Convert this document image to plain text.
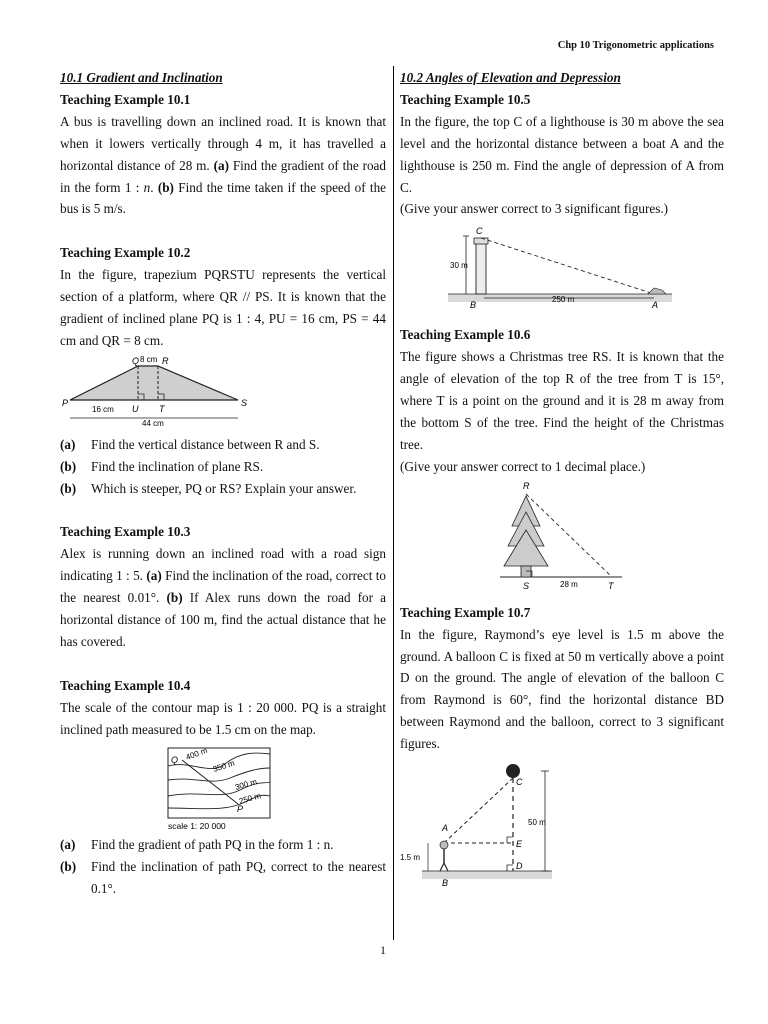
Chp 10 Trigonometric applications
10.1 Gradient and Inclination
Teaching Example 10.1
A bus is travelling down an inclined road. It is known that when it lowers vertically through 4 m, it has travelled a horizontal distance of 28 m. (a) Find the gradient of the road in the form 1 : n. (b) Find the time taken if the speed of the bus is 5 m/s.
Teaching Example 10.2
In the figure, trapezium PQRSTU represents the vertical section of a platform, where QR // PS. It is known that the gradient of inclined plane PQ is 1 : 4, PU = 16 cm, PS = 44 cm and QR = 8 cm.
Q	R
8 cm
P	S
U T
16 cm
44 cm
(a)	Find the vertical distance between R and S.
(b)	Find the inclination of plane RS.
(b)	Which is steeper, PQ or RS? Explain your answer.
Teaching Example 10.3
Alex is running down an inclined road with a road sign indicating 1 : 5. (a) Find the inclination of the road, correct to the nearest 0.01°. (b) If Alex runs down the road for a horizontal distance of 100 m, find the actual distance that he has covered.
Teaching Example 10.4
The scale of the contour map is 1 : 20 000. PQ is a straight inclined path measured to be 1.5 cm on the map.
Q
P
400 m
350 m
300 m
250 m
scale 1: 20 000
(a)	Find the gradient of path PQ in the form 1 : n.
(b)	Find the inclination of path PQ, correct to the nearest 0.1°.
10.2 Angles of Elevation and Depression
Teaching Example 10.5
In the figure, the top C of a lighthouse is 30 m above the sea level and the horizontal distance between a boat A and the lighthouse is 250 m. Find the angle of depression of A from C.
(Give your answer correct to 3 significant figures.)
C
30 m
B	A
250 m
Teaching Example 10.6
The figure shows a Christmas tree RS. It is known that the angle of elevation of the top R of the tree from T is 15°, where T is a point on the ground and it is 28 m away from the bottom S of the tree. Find the height of the Christmas tree.
(Give your answer correct to 1 decimal place.)
R
S	T
28 m
Teaching Example 10.7
In the figure, Raymond’s eye level is 1.5 m above the ground. A balloon C is fixed at 50 m vertically above a point D on the ground. The angle of elevation of the balloon C from Raymond is 60°, find the horizontal distance BD between Raymond and the balloon, correct to 3 significant figures.
C
A
E
D
B
50 m
1.5 m
1
